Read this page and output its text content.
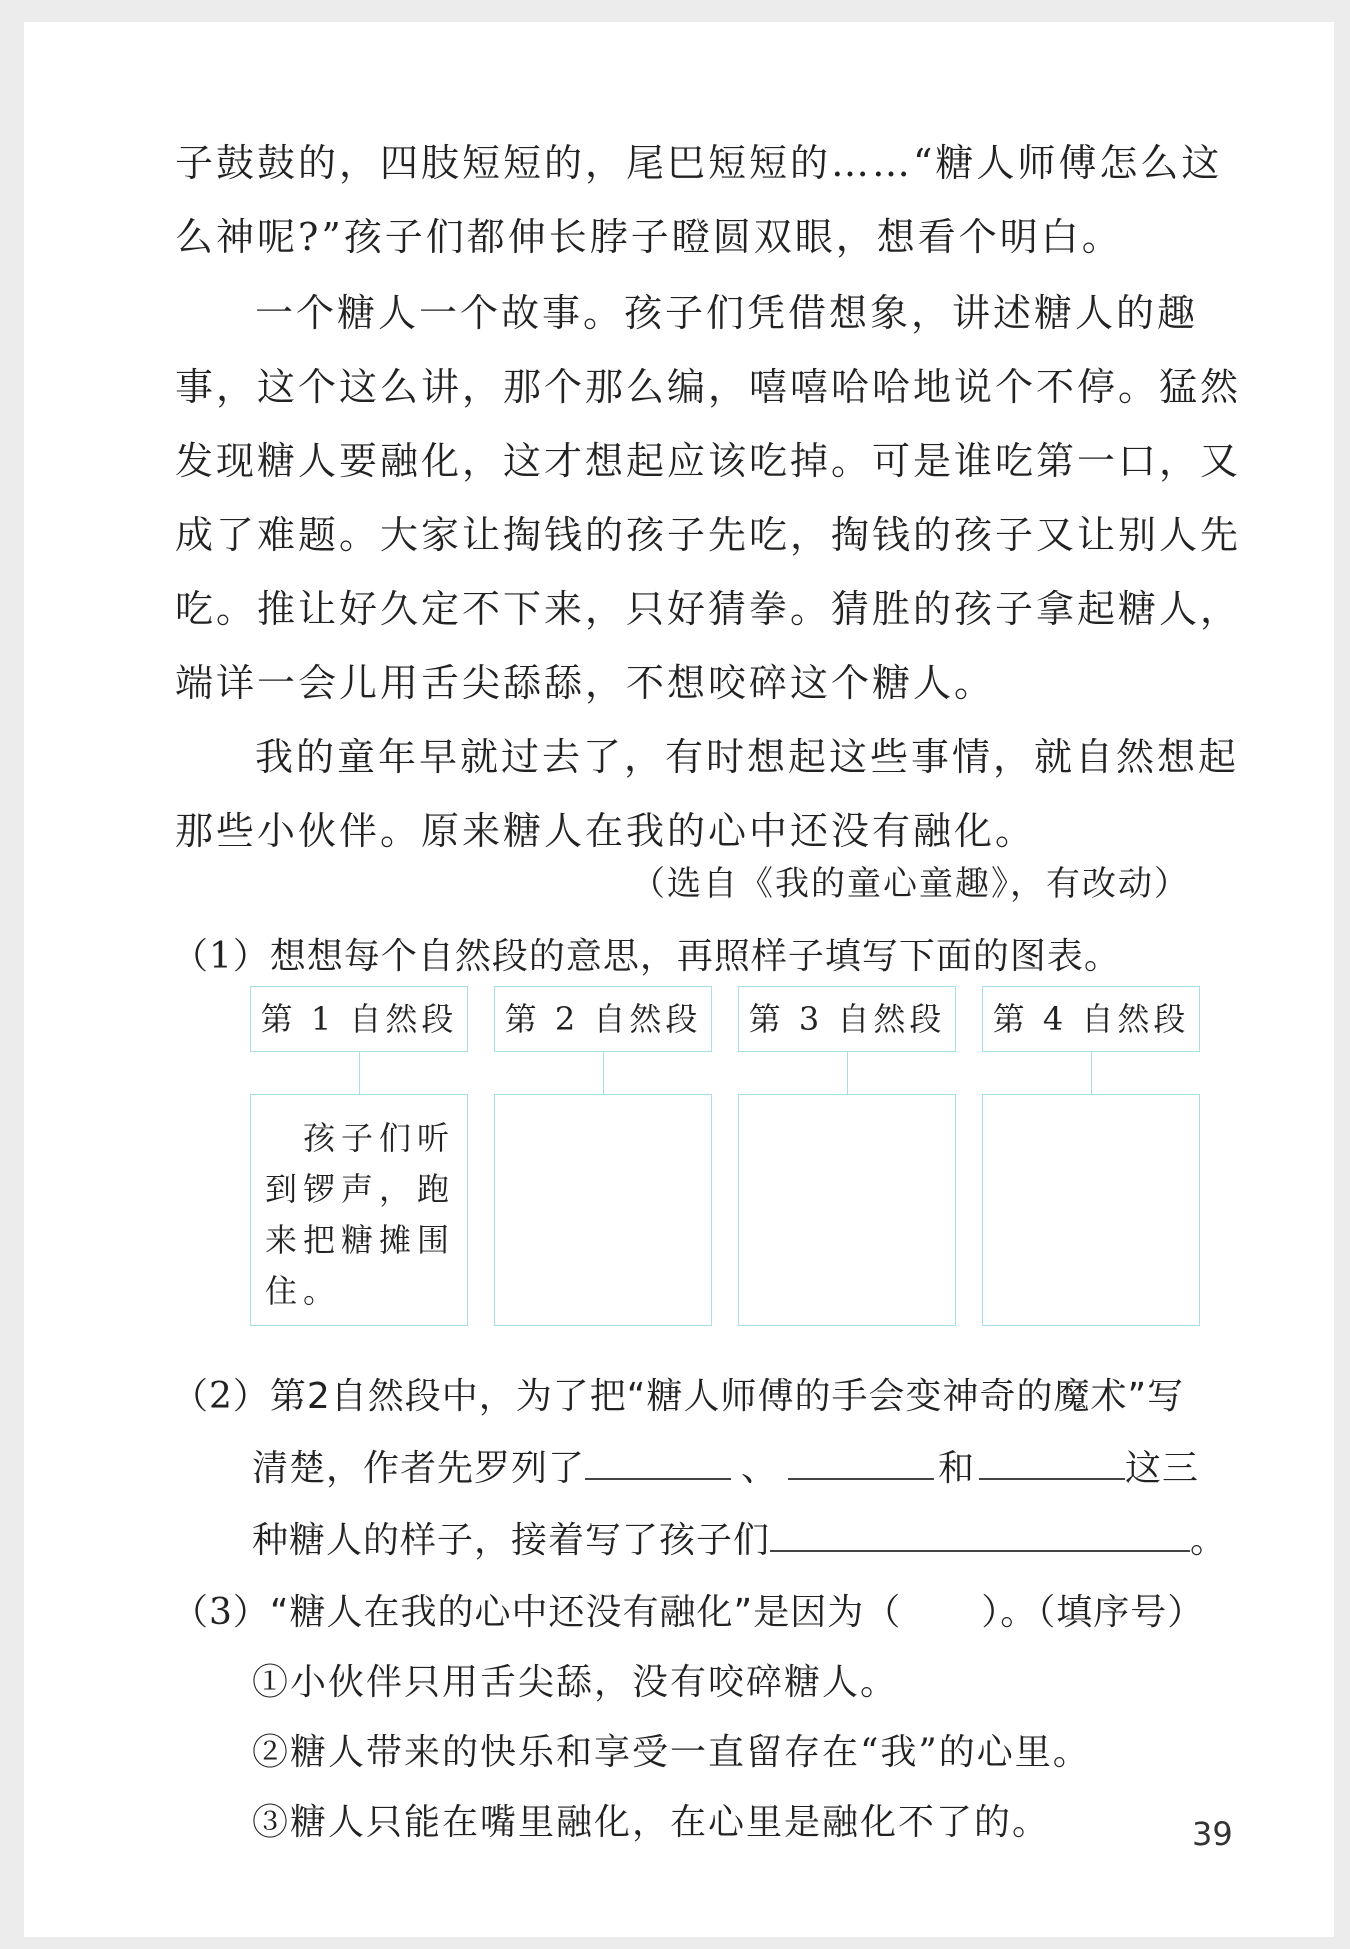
子鼓鼓的，四肢短短的，尾巴短短的……“糖人师傅怎么这
么神呢?”孩子们都伸长脖子瞪圆双眼，想看个明白。
一个糖人一个故事。孩子们凭借想象，讲述糖人的趣
事，这个这么讲，那个那么编，嘻嘻哈哈地说个不停。猛然
发现糖人要融化，这才想起应该吃掉。可是谁吃第一口，又
成了难题。大家让掏钱的孩子先吃，掏钱的孩子又让别人先
吃。推让好久定不下来，只好猜拳。猜胜的孩子拿起糖人，
端详一会儿用舌尖舔舔，不想咬碎这个糖人。
我的童年早就过去了，有时想起这些事情，就自然想起
那些小伙伴。原来糖人在我的心中还没有融化。
（选自《我的童心童趣》，有改动）
（1）想想每个自然段的意思，再照样子填写下面的图表。
第 1 自然段	第 2 自然段	第 3 自然段	第 4 自然段
　孩子们听到锣声，跑来把糖摊围住。
（2）第2自然段中，为了把“糖人师傅的手会变神奇的魔术”写
清楚，作者先罗列了	、	和	这三
种糖人的样子，接着写了孩子们	。
（3）“糖人在我的心中还没有融化”是因为（ ）。（填序号）
①小伙伴只用舌尖舔，没有咬碎糖人。
②糖人带来的快乐和享受一直留存在“我”的心里。
③糖人只能在嘴里融化，在心里是融化不了的。	39
